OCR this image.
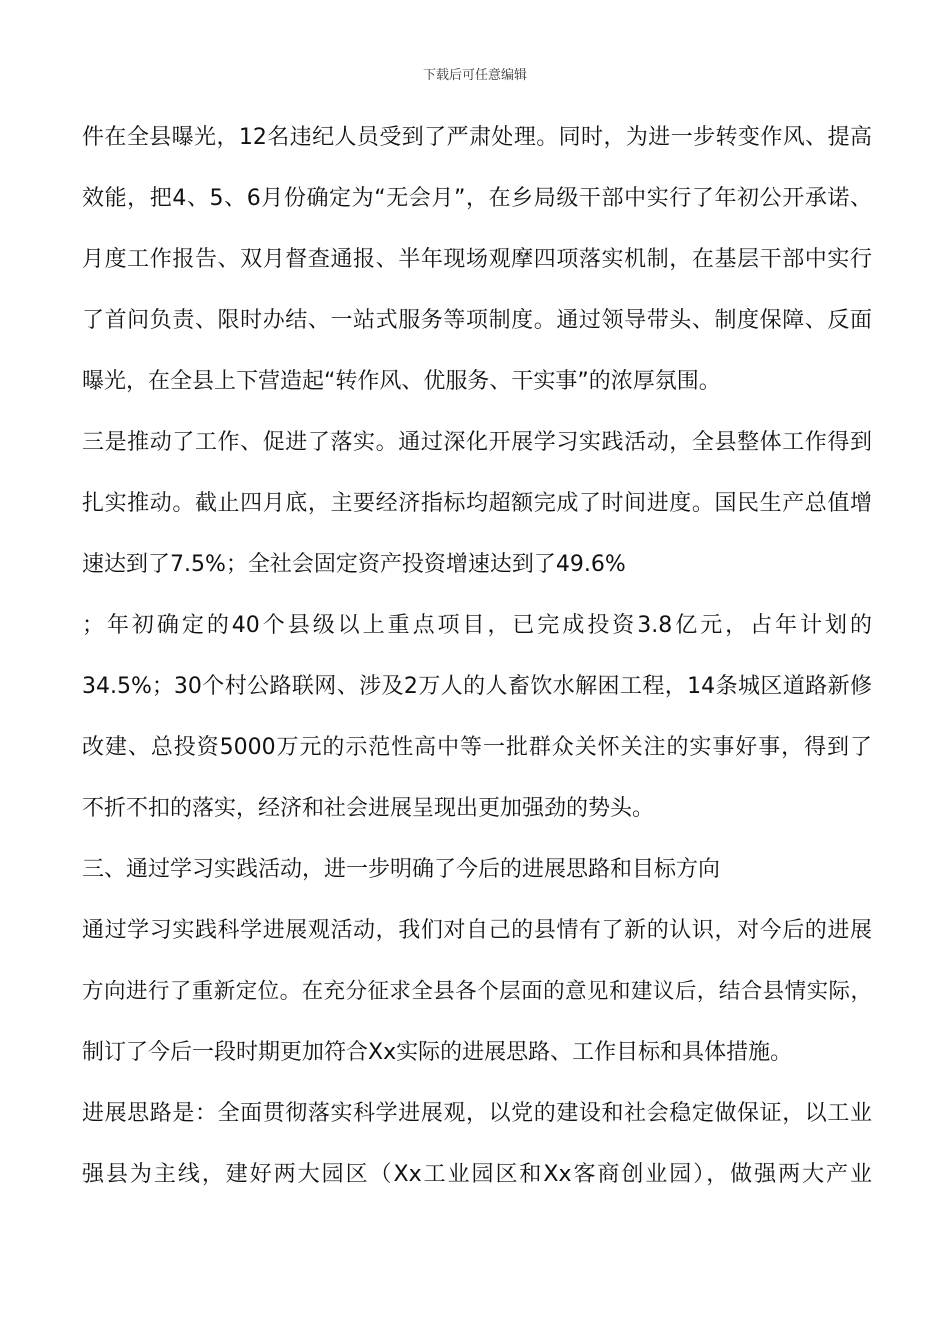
下载后可任意编辑
件在全县曝光，12名违纪人员受到了严肃处理。同时，为进一步转变作风、提高
效能，把4、5、6月份确定为“无会月”，在乡局级干部中实行了年初公开承诺、
月度工作报告、双月督查通报、半年现场观摩四项落实机制，在基层干部中实行
了首问负责、限时办结、一站式服务等项制度。通过领导带头、制度保障、反面
曝光，在全县上下营造起“转作风、优服务、干实事”的浓厚氛围。
三是推动了工作、促进了落实。通过深化开展学习实践活动，全县整体工作得到
扎实推动。截止四月底，主要经济指标均超额完成了时间进度。国民生产总值增
速达到了7.5%；全社会固定资产投资增速达到了49.6%
；年初确定的40个县级以上重点项目，已完成投资3.8亿元，占年计划的
34.5%；30个村公路联网、涉及2万人的人畜饮水解困工程，14条城区道路新修
改建、总投资5000万元的示范性高中等一批群众关怀关注的实事好事，得到了
不折不扣的落实，经济和社会进展呈现出更加强劲的势头。
三、通过学习实践活动，进一步明确了今后的进展思路和目标方向
通过学习实践科学进展观活动，我们对自己的县情有了新的认识，对今后的进展
方向进行了重新定位。在充分征求全县各个层面的意见和建议后，结合县情实际，
制订了今后一段时期更加符合Xx实际的进展思路、工作目标和具体措施。
进展思路是：全面贯彻落实科学进展观，以党的建设和社会稳定做保证，以工业
强县为主线，建好两大园区（Xx工业园区和Xx客商创业园），做强两大产业
